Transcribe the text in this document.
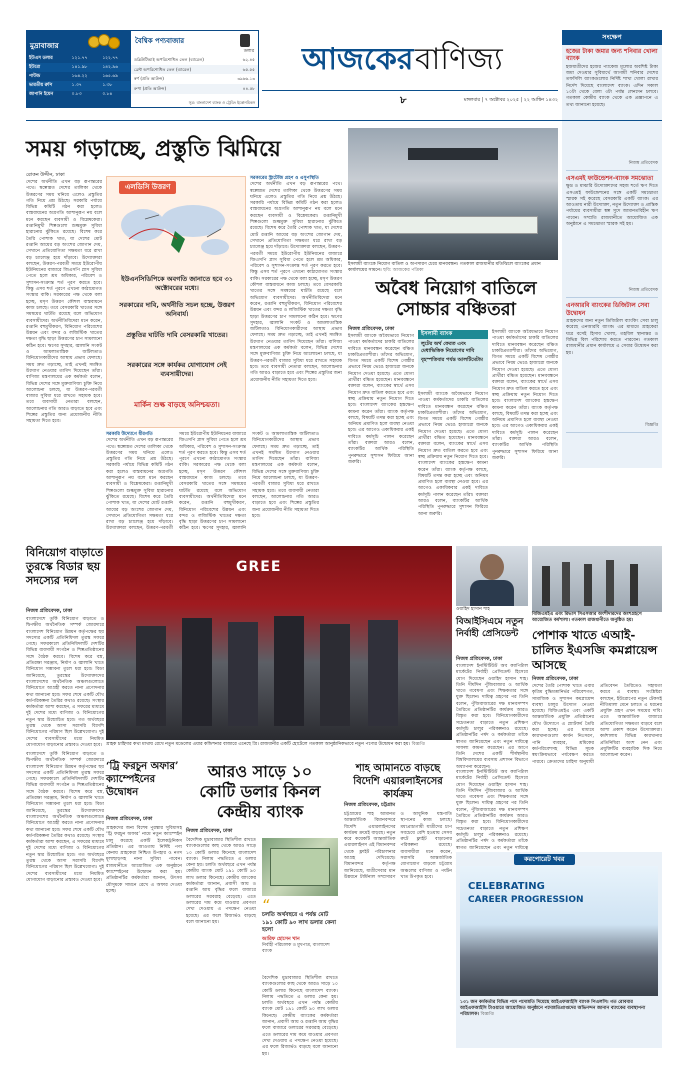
মুদ্রাবাজার
ইউএস ডলার	১২১.৭৭	১২২.৭৭
ইউরো	১৪১.৯৮	১৪২.৯৬
পাউন্ড	১৬৪.২২	১৬৫.৬৯
ভারতীয় রুপি	১.৩৭	১.৩৮
জাপানি ইয়েন	০.৮৩	০.৮৪
বৈশ্বিক পণ্যবাজার
ডলার
ডব্লিউটিআই অপরিশোধিত তেল (ব্যারেল)	৬২.৪৫
ব্রেন্ট অপরিশোধিত তেল (ব্যারেল)	৬৫.৫৫
স্বর্ণ (প্রতি আউন্স)	৩৯৬৬.১৩
রুপা (প্রতি আউন্স)	৪৪.৫৮
সূত্র: বাংলাদেশ ব্যাংক ও ট্রেডিং ইকোনমিকস
আজকের বাণিজ্য
৮	মঙ্গলবার | ৭ অক্টোবর ২০২৫ | ২২ আশ্বিন ১৪৩২
সংক্ষেপ
হজের টাকা জমার জন্য শনিবার খোলা ব্যাংক
হজযাত্রীদের হজের প্যাকেজ মূল্যের অবশিষ্ট টাকা জমা দেওয়ার সুবিধার্থে আগামী শনিবার দেশের তফসিলি ব্যাংকগুলোর নির্দিষ্ট শাখা খোলা রাখার নির্দেশ দিয়েছে বাংলাদেশ ব্যাংক। এদিন সকাল ১০টা থেকে বেলা ৩টা পর্যন্ত লেনদেন চলবে। গতকাল কেন্দ্রীয় ব্যাংক থেকে এক প্রজ্ঞাপনে এ তথ্য জানানো হয়েছে।
নিজস্ব প্রতিবেদক
এসএমই ফাউন্ডেশন-ব্যাংক সমঝোতা
ক্ষুদ্র ও মাঝারি উদ্যোক্তাদের সহজ শর্তে ঋণ দিতে এসএমই ফাউন্ডেশনের সঙ্গে একটি সমঝোতা স্মারক সই করেছে বেসরকারি একটি ব্যাংক। এর আওতায় নারী উদ্যোক্তা, নতুন উদ্যোক্তা ও প্রান্তিক পর্যায়ের ব্যবসায়ীরা স্বল্প সুদে জামানতবিহীন ঋণ পাবেন। সম্প্রতি রাজধানীতে আয়োজিত এক অনুষ্ঠানে এ সমঝোতা স্মারক সই হয়।
নিজস্ব প্রতিবেদক
এনআরবি ব্যাংকের ডিজিটাল সেবা উদ্বোধন
গ্রাহকদের জন্য নতুন ডিজিটাল ব্যাংকিং সেবা চালু করেছে এনআরবি ব্যাংক। এর মাধ্যমে গ্রাহকেরা ঘরে বসেই হিসাব খোলা, তহবিল স্থানান্তর ও বিভিন্ন বিল পরিশোধ করতে পারবেন। গতকাল রাজধানীর প্রধান কার্যালয়ে এ সেবার উদ্বোধন করা হয়।
বিজ্ঞপ্তি
সময় গড়াচ্ছে, প্রস্তুতি ঝিমিয়ে
রোকন উদ্দীন, ঢাকা
দেশের অর্থনীতি এখন বড় রূপান্তরের পথে। স্বল্পোন্নত দেশের তালিকা থেকে উত্তরণের সময় ঘনিয়ে এলেও প্রস্তুতির গতি নিয়ে প্রশ্ন উঠছে। সরকারি পর্যায়ে বিভিন্ন কমিটি গঠন করা হলেও বাস্তবায়নের অগ্রগতি আশানুরূপ নয় বলে মনে করছেন ব্যবসায়ী ও বিশ্লেষকেরা। রপ্তানিমুখী শিল্পগুলো শুল্কমুক্ত সুবিধা হারানোর ঝুঁকিতে রয়েছে। বিশেষ করে তৈরি পোশাক খাত, যা দেশের মোট রপ্তানি আয়ের বড় অংশের জোগান দেয়, সেখানে প্রতিযোগিতা সক্ষমতা ধরে রাখা বড় চ্যালেঞ্জ হয়ে দাঁড়াবে। উদ্যোক্তারা বলছেন, উত্তরণ-পরবর্তী সময়ে ইউরোপীয় ইউনিয়নের বাজারে জিএসপি প্লাস সুবিধা পেতে হলে শ্রম অধিকার, পরিবেশ ও সুশাসন-সংক্রান্ত শর্ত পূরণ করতে হবে। কিন্তু এসব শর্ত পূরণে এখনো কাঠামোগত সংস্কার বাকি। সরকারের পক্ষ থেকে বলা হচ্ছে, মসৃণ উত্তরণ কৌশল বাস্তবায়নে কাজ চলছে। তবে বেসরকারি খাতের সঙ্গে সমন্বয়ের ঘাটতি রয়েছে বলে অভিযোগ ব্যবসায়ীদের। অর্থনীতিবিদেরা মনে করেন, রপ্তানি বহুমুখীকরণ, বিনিয়োগ পরিবেশের উন্নয়ন এবং বন্দর ও লজিস্টিক খাতের দক্ষতা বৃদ্ধি ছাড়া উত্তরণের চাপ সামলানো কঠিন হবে। ঋণের সুদহার, জ্বালানি সংকট ও আমলাতান্ত্রিক জটিলতাও বিনিয়োগকারীদের আস্থায় প্রভাব ফেলছে। সময় দ্রুত গড়াচ্ছে, তাই এখনই সমন্বিত উদ্যোগ নেওয়ার তাগিদ দিয়েছেন তাঁরা। বাণিজ্য মন্ত্রণালয়ের এক কর্মকর্তা বলেন, বিভিন্ন দেশের সঙ্গে মুক্তবাণিজ্য চুক্তি নিয়ে আলোচনা চলছে, যা উত্তরণ-পরবর্তী বাজার সুবিধা ধরে রাখতে সহায়ক হবে। তবে ব্যবসায়ী নেতারা বলছেন, আলোচনার গতি আরও বাড়াতে হবে এবং শিল্পের প্রস্তুতির জন্য প্রয়োজনীয় নীতি সহায়তা দিতে হবে।
এলডিসি উত্তরণ
ইউএনসিডিপিকে অবগতি জানাতে হবে ৩১ অক্টোবরের মধ্যে।
সরকারের দাবি, অর্থনীতি সচল হচ্ছে, উত্তরণ অনিবার্য।
প্রস্তুতির ঘাটতি দাবি বেসরকারি খাতের।
সরকারের সঙ্গে কার্যকর যোগাযোগ নেই ব্যবসায়ীদের।
মার্কিন শুল্ক বাড়ছে অনিশ্চয়তা।
সরকারি উদ্যোগে ধীরগতি
দেশের অর্থনীতি এখন বড় রূপান্তরের পথে। স্বল্পোন্নত দেশের তালিকা থেকে উত্তরণের সময় ঘনিয়ে এলেও প্রস্তুতির গতি নিয়ে প্রশ্ন উঠছে। সরকারি পর্যায়ে বিভিন্ন কমিটি গঠন করা হলেও বাস্তবায়নের অগ্রগতি আশানুরূপ নয় বলে মনে করছেন ব্যবসায়ী ও বিশ্লেষকেরা। রপ্তানিমুখী শিল্পগুলো শুল্কমুক্ত সুবিধা হারানোর ঝুঁকিতে রয়েছে। বিশেষ করে তৈরি পোশাক খাত, যা দেশের মোট রপ্তানি আয়ের বড় অংশের জোগান দেয়, সেখানে প্রতিযোগিতা সক্ষমতা ধরে রাখা বড় চ্যালেঞ্জ হয়ে দাঁড়াবে। উদ্যোক্তারা বলছেন, উত্তরণ-পরবর্তী সময়ে ইউরোপীয় ইউনিয়নের বাজারে জিএসপি প্লাস সুবিধা পেতে হলে শ্রম অধিকার, পরিবেশ ও সুশাসন-সংক্রান্ত শর্ত পূরণ করতে হবে। কিন্তু এসব শর্ত পূরণে এখনো কাঠামোগত সংস্কার বাকি। সরকারের পক্ষ থেকে বলা হচ্ছে, মসৃণ উত্তরণ কৌশল বাস্তবায়নে কাজ চলছে। তবে বেসরকারি খাতের সঙ্গে সমন্বয়ের ঘাটতি রয়েছে বলে অভিযোগ ব্যবসায়ীদের। অর্থনীতিবিদেরা মনে করেন, রপ্তানি বহুমুখীকরণ, বিনিয়োগ পরিবেশের উন্নয়ন এবং বন্দর ও লজিস্টিক খাতের দক্ষতা বৃদ্ধি ছাড়া উত্তরণের চাপ সামলানো কঠিন হবে। ঋণের সুদহার, জ্বালানি সংকট ও আমলাতান্ত্রিক জটিলতাও বিনিয়োগকারীদের আস্থায় প্রভাব ফেলছে। সময় দ্রুত গড়াচ্ছে, তাই এখনই সমন্বিত উদ্যোগ নেওয়ার তাগিদ দিয়েছেন তাঁরা। বাণিজ্য মন্ত্রণালয়ের এক কর্মকর্তা বলেন, বিভিন্ন দেশের সঙ্গে মুক্তবাণিজ্য চুক্তি নিয়ে আলোচনা চলছে, যা উত্তরণ-পরবর্তী বাজার সুবিধা ধরে রাখতে সহায়ক হবে। তবে ব্যবসায়ী নেতারা বলছেন, আলোচনার গতি আরও বাড়াতে হবে এবং শিল্পের প্রস্তুতির জন্য প্রয়োজনীয় নীতি সহায়তা দিতে হবে।
সরকারের স্ট্রাটেজি গ্রহণ ও এসুপস্থিতি
দেশের অর্থনীতি এখন বড় রূপান্তরের পথে। স্বল্পোন্নত দেশের তালিকা থেকে উত্তরণের সময় ঘনিয়ে এলেও প্রস্তুতির গতি নিয়ে প্রশ্ন উঠছে। সরকারি পর্যায়ে বিভিন্ন কমিটি গঠন করা হলেও বাস্তবায়নের অগ্রগতি আশানুরূপ নয় বলে মনে করছেন ব্যবসায়ী ও বিশ্লেষকেরা। রপ্তানিমুখী শিল্পগুলো শুল্কমুক্ত সুবিধা হারানোর ঝুঁকিতে রয়েছে। বিশেষ করে তৈরি পোশাক খাত, যা দেশের মোট রপ্তানি আয়ের বড় অংশের জোগান দেয়, সেখানে প্রতিযোগিতা সক্ষমতা ধরে রাখা বড় চ্যালেঞ্জ হয়ে দাঁড়াবে। উদ্যোক্তারা বলছেন, উত্তরণ-পরবর্তী সময়ে ইউরোপীয় ইউনিয়নের বাজারে জিএসপি প্লাস সুবিধা পেতে হলে শ্রম অধিকার, পরিবেশ ও সুশাসন-সংক্রান্ত শর্ত পূরণ করতে হবে। কিন্তু এসব শর্ত পূরণে এখনো কাঠামোগত সংস্কার বাকি। সরকারের পক্ষ থেকে বলা হচ্ছে, মসৃণ উত্তরণ কৌশল বাস্তবায়নে কাজ চলছে। তবে বেসরকারি খাতের সঙ্গে সমন্বয়ের ঘাটতি রয়েছে বলে অভিযোগ ব্যবসায়ীদের। অর্থনীতিবিদেরা মনে করেন, রপ্তানি বহুমুখীকরণ, বিনিয়োগ পরিবেশের উন্নয়ন এবং বন্দর ও লজিস্টিক খাতের দক্ষতা বৃদ্ধি ছাড়া উত্তরণের চাপ সামলানো কঠিন হবে। ঋণের সুদহার, জ্বালানি সংকট ও আমলাতান্ত্রিক জটিলতাও বিনিয়োগকারীদের আস্থায় প্রভাব ফেলছে। সময় দ্রুত গড়াচ্ছে, তাই এখনই সমন্বিত উদ্যোগ নেওয়ার তাগিদ দিয়েছেন তাঁরা। বাণিজ্য মন্ত্রণালয়ের এক কর্মকর্তা বলেন, বিভিন্ন দেশের সঙ্গে মুক্তবাণিজ্য চুক্তি নিয়ে আলোচনা চলছে, যা উত্তরণ-পরবর্তী বাজার সুবিধা ধরে রাখতে সহায়ক হবে। তবে ব্যবসায়ী নেতারা বলছেন, আলোচনার গতি আরও বাড়াতে হবে এবং শিল্পের প্রস্তুতির জন্য প্রয়োজনীয় নীতি সহায়তা দিতে হবে।
ইসলামী ব্যাংকে নিয়োগ বাতিল ও অপসারণ চেয়ে মানববন্ধন। গতকাল রাজধানীর মতিঝিলে ব্যাংকের প্রধান কার্যালয়ের সামনে। ছবি: আজকের পত্রিকা
অবৈধ নিয়োগ বাতিলে
সোচ্চার বঞ্চিতরা
নিজস্ব প্রতিবেদক, ঢাকা
ইসলামী ব্যাংকে অবৈধভাবে নিয়োগ পাওয়া কর্মকর্তাদের চাকরি বাতিলের দাবিতে মানববন্ধন করেছেন বঞ্চিত চাকরিপ্রত্যাশীরা। তাঁদের অভিযোগ, বিগত সময়ে একটি বিশেষ গোষ্ঠীর প্রভাবে নিয়ম ভেঙে হাজারো জনকে নিয়োগ দেওয়া হয়েছে। এতে যোগ্য প্রার্থীরা বঞ্চিত হয়েছেন। মানববন্ধনে বক্তারা বলেন, ব্যাংকের স্বার্থে এসব নিয়োগ দ্রুত বাতিল করতে হবে এবং স্বচ্ছ প্রক্রিয়ায় নতুন নিয়োগ দিতে হবে। বাংলাদেশ ব্যাংকের হস্তক্ষেপ কামনা করেন তাঁরা। ব্যাংক কর্তৃপক্ষ বলছে, বিষয়টি তদন্ত করা হচ্ছে এবং অনিয়ম প্রমাণিত হলে ব্যবস্থা নেওয়া হবে। এর আগেও একাধিকবার একই দাবিতে কর্মসূচি পালন করেছেন তাঁরা। বক্তারা আরও বলেন, ব্যাংকটির আর্থিক পরিস্থিতি পুনরুদ্ধারে সুশাসন ফিরিয়ে আনা জরুরি।
ইসলামী ব্যাংক
লুটের অর্থ ফেরত এবং মেধাভিত্তিক নিয়োগের দাবি
বৃহস্পতিবার পর্যন্ত আলটিমেটাম
ইসলামী ব্যাংকে অবৈধভাবে নিয়োগ পাওয়া কর্মকর্তাদের চাকরি বাতিলের দাবিতে মানববন্ধন করেছেন বঞ্চিত চাকরিপ্রত্যাশীরা। তাঁদের অভিযোগ, বিগত সময়ে একটি বিশেষ গোষ্ঠীর প্রভাবে নিয়ম ভেঙে হাজারো জনকে নিয়োগ দেওয়া হয়েছে। এতে যোগ্য প্রার্থীরা বঞ্চিত হয়েছেন। মানববন্ধনে বক্তারা বলেন, ব্যাংকের স্বার্থে এসব নিয়োগ দ্রুত বাতিল করতে হবে এবং স্বচ্ছ প্রক্রিয়ায় নতুন নিয়োগ দিতে হবে। বাংলাদেশ ব্যাংকের হস্তক্ষেপ কামনা করেন তাঁরা। ব্যাংক কর্তৃপক্ষ বলছে, বিষয়টি তদন্ত করা হচ্ছে এবং অনিয়ম প্রমাণিত হলে ব্যবস্থা নেওয়া হবে। এর আগেও একাধিকবার একই দাবিতে কর্মসূচি পালন করেছেন তাঁরা। বক্তারা আরও বলেন, ব্যাংকটির আর্থিক পরিস্থিতি পুনরুদ্ধারে সুশাসন ফিরিয়ে আনা জরুরি।
ইসলামী ব্যাংকে অবৈধভাবে নিয়োগ পাওয়া কর্মকর্তাদের চাকরি বাতিলের দাবিতে মানববন্ধন করেছেন বঞ্চিত চাকরিপ্রত্যাশীরা। তাঁদের অভিযোগ, বিগত সময়ে একটি বিশেষ গোষ্ঠীর প্রভাবে নিয়ম ভেঙে হাজারো জনকে নিয়োগ দেওয়া হয়েছে। এতে যোগ্য প্রার্থীরা বঞ্চিত হয়েছেন। মানববন্ধনে বক্তারা বলেন, ব্যাংকের স্বার্থে এসব নিয়োগ দ্রুত বাতিল করতে হবে এবং স্বচ্ছ প্রক্রিয়ায় নতুন নিয়োগ দিতে হবে। বাংলাদেশ ব্যাংকের হস্তক্ষেপ কামনা করেন তাঁরা। ব্যাংক কর্তৃপক্ষ বলছে, বিষয়টি তদন্ত করা হচ্ছে এবং অনিয়ম প্রমাণিত হলে ব্যবস্থা নেওয়া হবে। এর আগেও একাধিকবার একই দাবিতে কর্মসূচি পালন করেছেন তাঁরা। বক্তারা আরও বলেন, ব্যাংকটির আর্থিক পরিস্থিতি পুনরুদ্ধারে সুশাসন ফিরিয়ে আনা জরুরি।
বিনিয়োগ বাড়াতে তুরস্কে বিডার ছয় সদস্যের দল
নিজস্ব প্রতিবেদক, ঢাকা
বাংলাদেশে তুর্কি বিনিয়োগ বাড়াতে ও দ্বিপক্ষীয় অর্থনৈতিক সম্পর্ক জোরদারে বাংলাদেশ বিনিয়োগ উন্নয়ন কর্তৃপক্ষের ছয় সদস্যের একটি প্রতিনিধিদল তুরস্ক সফরে গেছে। সফরকালে প্রতিনিধিদলটি দেশটির বিভিন্ন ব্যবসায়ী সংগঠন ও শিল্পপ্রতিষ্ঠানের সঙ্গে বৈঠক করবে। বিশেষ করে বস্ত্র, প্রতিরক্ষা সরঞ্জাম, নির্মাণ ও জ্বালানি খাতে বিনিয়োগ সম্ভাবনা তুলে ধরা হবে। বিডা জানিয়েছে, তুরস্কের উদ্যোক্তাদের বাংলাদেশের অর্থনৈতিক অঞ্চলগুলোতে বিনিয়োগে আগ্রহী করতে নানা প্রণোদনার কথা জানানো হবে। সফর শেষে একটি যৌথ কর্মপরিকল্পনা তৈরির কথাও রয়েছে। সংস্থার কর্মকর্তারা আশা করছেন, এ সফরের মাধ্যমে দুই দেশের মধ্যে বাণিজ্য ও বিনিয়োগের নতুন দ্বার উন্মোচিত হবে। গত অর্থবছরে তুরস্ক থেকে আসা সরাসরি বিদেশি বিনিয়োগের পরিমাণ ছিল উল্লেখযোগ্য। দুই দেশের ব্যবসায়ীদের মধ্যে নিয়মিত যোগাযোগ বাড়ানোর প্রস্তাবও দেওয়া হবে।
GREE
গ্রাহক চাহিদার কথা মাথায় রেখে নতুন মডেলের এয়ার কন্ডিশনার বাজারে এনেছে গ্রি। রাজধানীর একটি হোটেলে গতকাল আনুষ্ঠানিকভাবে নতুন পণ্যের উদ্বোধন করা হয়। বিজ্ঞপ্তি
ওয়াহিদ হাসান শাহ
বিআইসিএমে নতুন নির্বাহী প্রেসিডেন্ট
নিজস্ব প্রতিবেদক, ঢাকা
বাংলাদেশ ইনস্টিটিউট অব ক্যাপিটাল মার্কেটের নির্বাহী প্রেসিডেন্ট হিসেবে যোগ দিয়েছেন ওয়াহিদ হাসান শাহ। তিনি দীর্ঘদিন পুঁজিবাজার ও আর্থিক খাতে গবেষণা এবং শিক্ষকতার সঙ্গে যুক্ত ছিলেন। দায়িত্ব গ্রহণের পর তিনি বলেন, পুঁজিবাজারের দক্ষ মানবসম্পদ তৈরিতে প্রতিষ্ঠানটির কার্যক্রম আরও বিস্তৃত করা হবে। বিনিয়োগকারীদের সচেতনতা বাড়াতে নতুন প্রশিক্ষণ কর্মসূচি চালুর পরিকল্পনাও রয়েছে। প্রতিষ্ঠানটির পর্ষদ ও কর্মকর্তারা তাঁকে স্বাগত জানিয়েছেন এবং নতুন দায়িত্বে সাফল্য কামনা করেছেন। এর আগে তিনি দেশের একটি শীর্ষস্থানীয় বিশ্ববিদ্যালয়ের ব্যবসায় প্রশাসন বিভাগে অধ্যাপনা করেছেন।
বিজিএমইএ এবং রিভাস সিএসআর অংশীদারদের অংশগ্রহণে আয়োজিত কর্মশালা। গতকাল রাজধানীতে অনুষ্ঠিত হয়।
পোশাক খাতে এআই-চালিত ইএসজি কমপ্লায়েন্স আসছে
নিজস্ব প্রতিবেদক, ঢাকা
দেশের তৈরি পোশাক খাতে এবার কৃত্রিম বুদ্ধিমত্তানির্ভর পরিবেশগত, সামাজিক ও সুশাসন কমপ্লায়েন্স ব্যবস্থা চালুর উদ্যোগ নেওয়া হয়েছে। বিজিএমইএ এবং একটি আন্তর্জাতিক প্রযুক্তি প্রতিষ্ঠানের যৌথ উদ্যোগে এ প্ল্যাটফর্ম তৈরি করা হচ্ছে। এর মাধ্যমে কারখানাগুলো কার্বন নিঃসরণ, পানি ব্যবহার, শ্রমিকের কর্মপরিবেশসহ বিভিন্ন সূচক স্বয়ংক্রিয়ভাবে পর্যবেক্ষণ করতে পারবে। ক্রেতাদের চাহিদা অনুযায়ী প্রতিবেদন তৈরিতেও সহায়তা করবে এ ব্যবস্থা। সংশ্লিষ্টরা বলছেন, ইউরোপের নতুন টেকসই নীতিমালা মেনে চলতে এ ধরনের প্রযুক্তি গ্রহণ এখন সময়ের দাবি। এতে আন্তর্জাতিক বাজারে প্রতিযোগিতা সক্ষমতা বাড়বে বলে আশা প্রকাশ করেন উদ্যোক্তারা। কর্মশালায় বিভিন্ন কারখানার প্রতিনিধিরা অংশ নেন এবং প্রযুক্তিটির ব্যবহারিক দিক নিয়ে আলোচনা করেন।
‘ট্রি ফরচুন অফার’ ক্যাম্পেইনের উদ্বোধন
নিজস্ব প্রতিবেদক, ঢাকা
গ্রাহকদের জন্য বিশেষ পুরস্কার সুবিধাসহ ‘ট্রি ফরচুন অফার’ নামে নতুন ক্যাম্পেইন চালু করেছে একটি ইলেকট্রনিকস প্রতিষ্ঠান। এর আওতায় নির্দিষ্ট পণ্য কেনায় গ্রাহকেরা নিশ্চিত উপহার ও নগদ মূল্যছাড়সহ নানা সুবিধা পাবেন। রাজধানীতে আয়োজিত এক অনুষ্ঠানে ক্যাম্পেইনের উদ্বোধন করা হয়। প্রতিষ্ঠানটির কর্মকর্তারা জানান, উৎসব মৌসুমকে সামনে রেখে এ অফার দেওয়া হচ্ছে।
বাংলাদেশে তুর্কি বিনিয়োগ বাড়াতে ও দ্বিপক্ষীয় অর্থনৈতিক সম্পর্ক জোরদারে বাংলাদেশ বিনিয়োগ উন্নয়ন কর্তৃপক্ষের ছয় সদস্যের একটি প্রতিনিধিদল তুরস্ক সফরে গেছে। সফরকালে প্রতিনিধিদলটি দেশটির বিভিন্ন ব্যবসায়ী সংগঠন ও শিল্পপ্রতিষ্ঠানের সঙ্গে বৈঠক করবে। বিশেষ করে বস্ত্র, প্রতিরক্ষা সরঞ্জাম, নির্মাণ ও জ্বালানি খাতে বিনিয়োগ সম্ভাবনা তুলে ধরা হবে। বিডা জানিয়েছে, তুরস্কের উদ্যোক্তাদের বাংলাদেশের অর্থনৈতিক অঞ্চলগুলোতে বিনিয়োগে আগ্রহী করতে নানা প্রণোদনার কথা জানানো হবে। সফর শেষে একটি যৌথ কর্মপরিকল্পনা তৈরির কথাও রয়েছে। সংস্থার কর্মকর্তারা আশা করছেন, এ সফরের মাধ্যমে দুই দেশের মধ্যে বাণিজ্য ও বিনিয়োগের নতুন দ্বার উন্মোচিত হবে। গত অর্থবছরে তুরস্ক থেকে আসা সরাসরি বিদেশি বিনিয়োগের পরিমাণ ছিল উল্লেখযোগ্য। দুই দেশের ব্যবসায়ীদের মধ্যে নিয়মিত যোগাযোগ বাড়ানোর প্রস্তাবও দেওয়া হবে।
আরও সাড়ে ১০
কোটি ডলার কিনল
কেন্দ্রীয় ব্যাংক
নিজস্ব প্রতিবেদক, ঢাকা
বৈদেশিক মুদ্রাবাজার স্থিতিশীল রাখতে ব্যাংকগুলোর কাছ থেকে আরও সাড়ে ১০ কোটি ডলার কিনেছে বাংলাদেশ ব্যাংক। নিলাম পদ্ধতিতে এ ডলার কেনা হয়। চলতি অর্থবছরে এখন পর্যন্ত কেন্দ্রীয় ব্যাংক মোট ১৯১ কোটি ৯০ লাখ ডলার কিনেছে। কেন্দ্রীয় ব্যাংকের কর্মকর্তারা জানান, প্রবাসী আয় ও রপ্তানি আয় বৃদ্ধির ফলে বাজারে ডলারের সরবরাহ বেড়েছে। এতে ডলারের দাম কমে যাওয়ার প্রবণতা দেখা দেওয়ায় এ পদক্ষেপ নেওয়া হয়েছে। এর ফলে রিজার্ভও বাড়ছে বলে জানানো হয়।
“
চলতি অর্থবছরে এ পর্যন্ত মোট ১৯১ কোটি ৯০ লাখ ডলার কেনা হলো
আরিফ হোসেন খান
নির্বাহী পরিচালক ও মুখপাত্র, বাংলাদেশ ব্যাংক
বৈদেশিক মুদ্রাবাজার স্থিতিশীল রাখতে ব্যাংকগুলোর কাছ থেকে আরও সাড়ে ১০ কোটি ডলার কিনেছে বাংলাদেশ ব্যাংক। নিলাম পদ্ধতিতে এ ডলার কেনা হয়। চলতি অর্থবছরে এখন পর্যন্ত কেন্দ্রীয় ব্যাংক মোট ১৯১ কোটি ৯০ লাখ ডলার কিনেছে। কেন্দ্রীয় ব্যাংকের কর্মকর্তারা জানান, প্রবাসী আয় ও রপ্তানি আয় বৃদ্ধির ফলে বাজারে ডলারের সরবরাহ বেড়েছে। এতে ডলারের দাম কমে যাওয়ার প্রবণতা দেখা দেওয়ায় এ পদক্ষেপ নেওয়া হয়েছে। এর ফলে রিজার্ভও বাড়ছে বলে জানানো হয়।
শাহ আমানতে বাড়ছে বিদেশি এয়ারলাইনসের কার্যক্রম
নিজস্ব প্রতিবেদক, চট্টগ্রাম
চট্টগ্রামের শাহ আমানত আন্তর্জাতিক বিমানবন্দরে বিদেশি এয়ারলাইনসের কার্যক্রম ক্রমেই বাড়ছে। নতুন করে কয়েকটি আন্তর্জাতিক এয়ারলাইনস এই বিমানবন্দর থেকে ফ্লাইট পরিচালনার আগ্রহ দেখিয়েছে। বিমানবন্দর কর্তৃপক্ষ জানিয়েছে, যাত্রীসেবার মান উন্নয়নে টার্মিনাল সম্প্রসারণ ও আধুনিক যন্ত্রপাতি স্থাপনের কাজ চলছে। মধ্যপ্রাচ্যগামী যাত্রীদের চাপ সবচেয়ে বেশি হওয়ায় সেসব রুটে ফ্লাইট বাড়ানোর পরিকল্পনা রয়েছে। ব্যবসায়ীরা মনে করেন, সরাসরি আন্তর্জাতিক যোগাযোগ বাড়লে চট্টগ্রাম অঞ্চলের বাণিজ্য ও পর্যটন খাত উপকৃত হবে।
বাংলাদেশ ইনস্টিটিউট অব ক্যাপিটাল মার্কেটের নির্বাহী প্রেসিডেন্ট হিসেবে যোগ দিয়েছেন ওয়াহিদ হাসান শাহ। তিনি দীর্ঘদিন পুঁজিবাজার ও আর্থিক খাতে গবেষণা এবং শিক্ষকতার সঙ্গে যুক্ত ছিলেন। দায়িত্ব গ্রহণের পর তিনি বলেন, পুঁজিবাজারের দক্ষ মানবসম্পদ তৈরিতে প্রতিষ্ঠানটির কার্যক্রম আরও বিস্তৃত করা হবে। বিনিয়োগকারীদের সচেতনতা বাড়াতে নতুন প্রশিক্ষণ কর্মসূচি চালুর পরিকল্পনাও রয়েছে। প্রতিষ্ঠানটির পর্ষদ ও কর্মকর্তারা তাঁকে স্বাগত জানিয়েছেন এবং নতুন দায়িত্বে
করপোরেট খবর
CELEBRATING
CAREER PROGRESSION
১৩১ জন কর্মকর্তার বিভিন্ন পদে পদোন্নতি দিয়েছে আইএফআইসি ব্যাংক পিএলসি। গত রোববার আইএফআইসি টাওয়ারে আয়োজিত অনুষ্ঠানে পদোন্নতিপ্রাপ্তদের অভিনন্দন জানান ব্যাংকের ব্যবস্থাপনা পরিচালক। বিজ্ঞপ্তি
